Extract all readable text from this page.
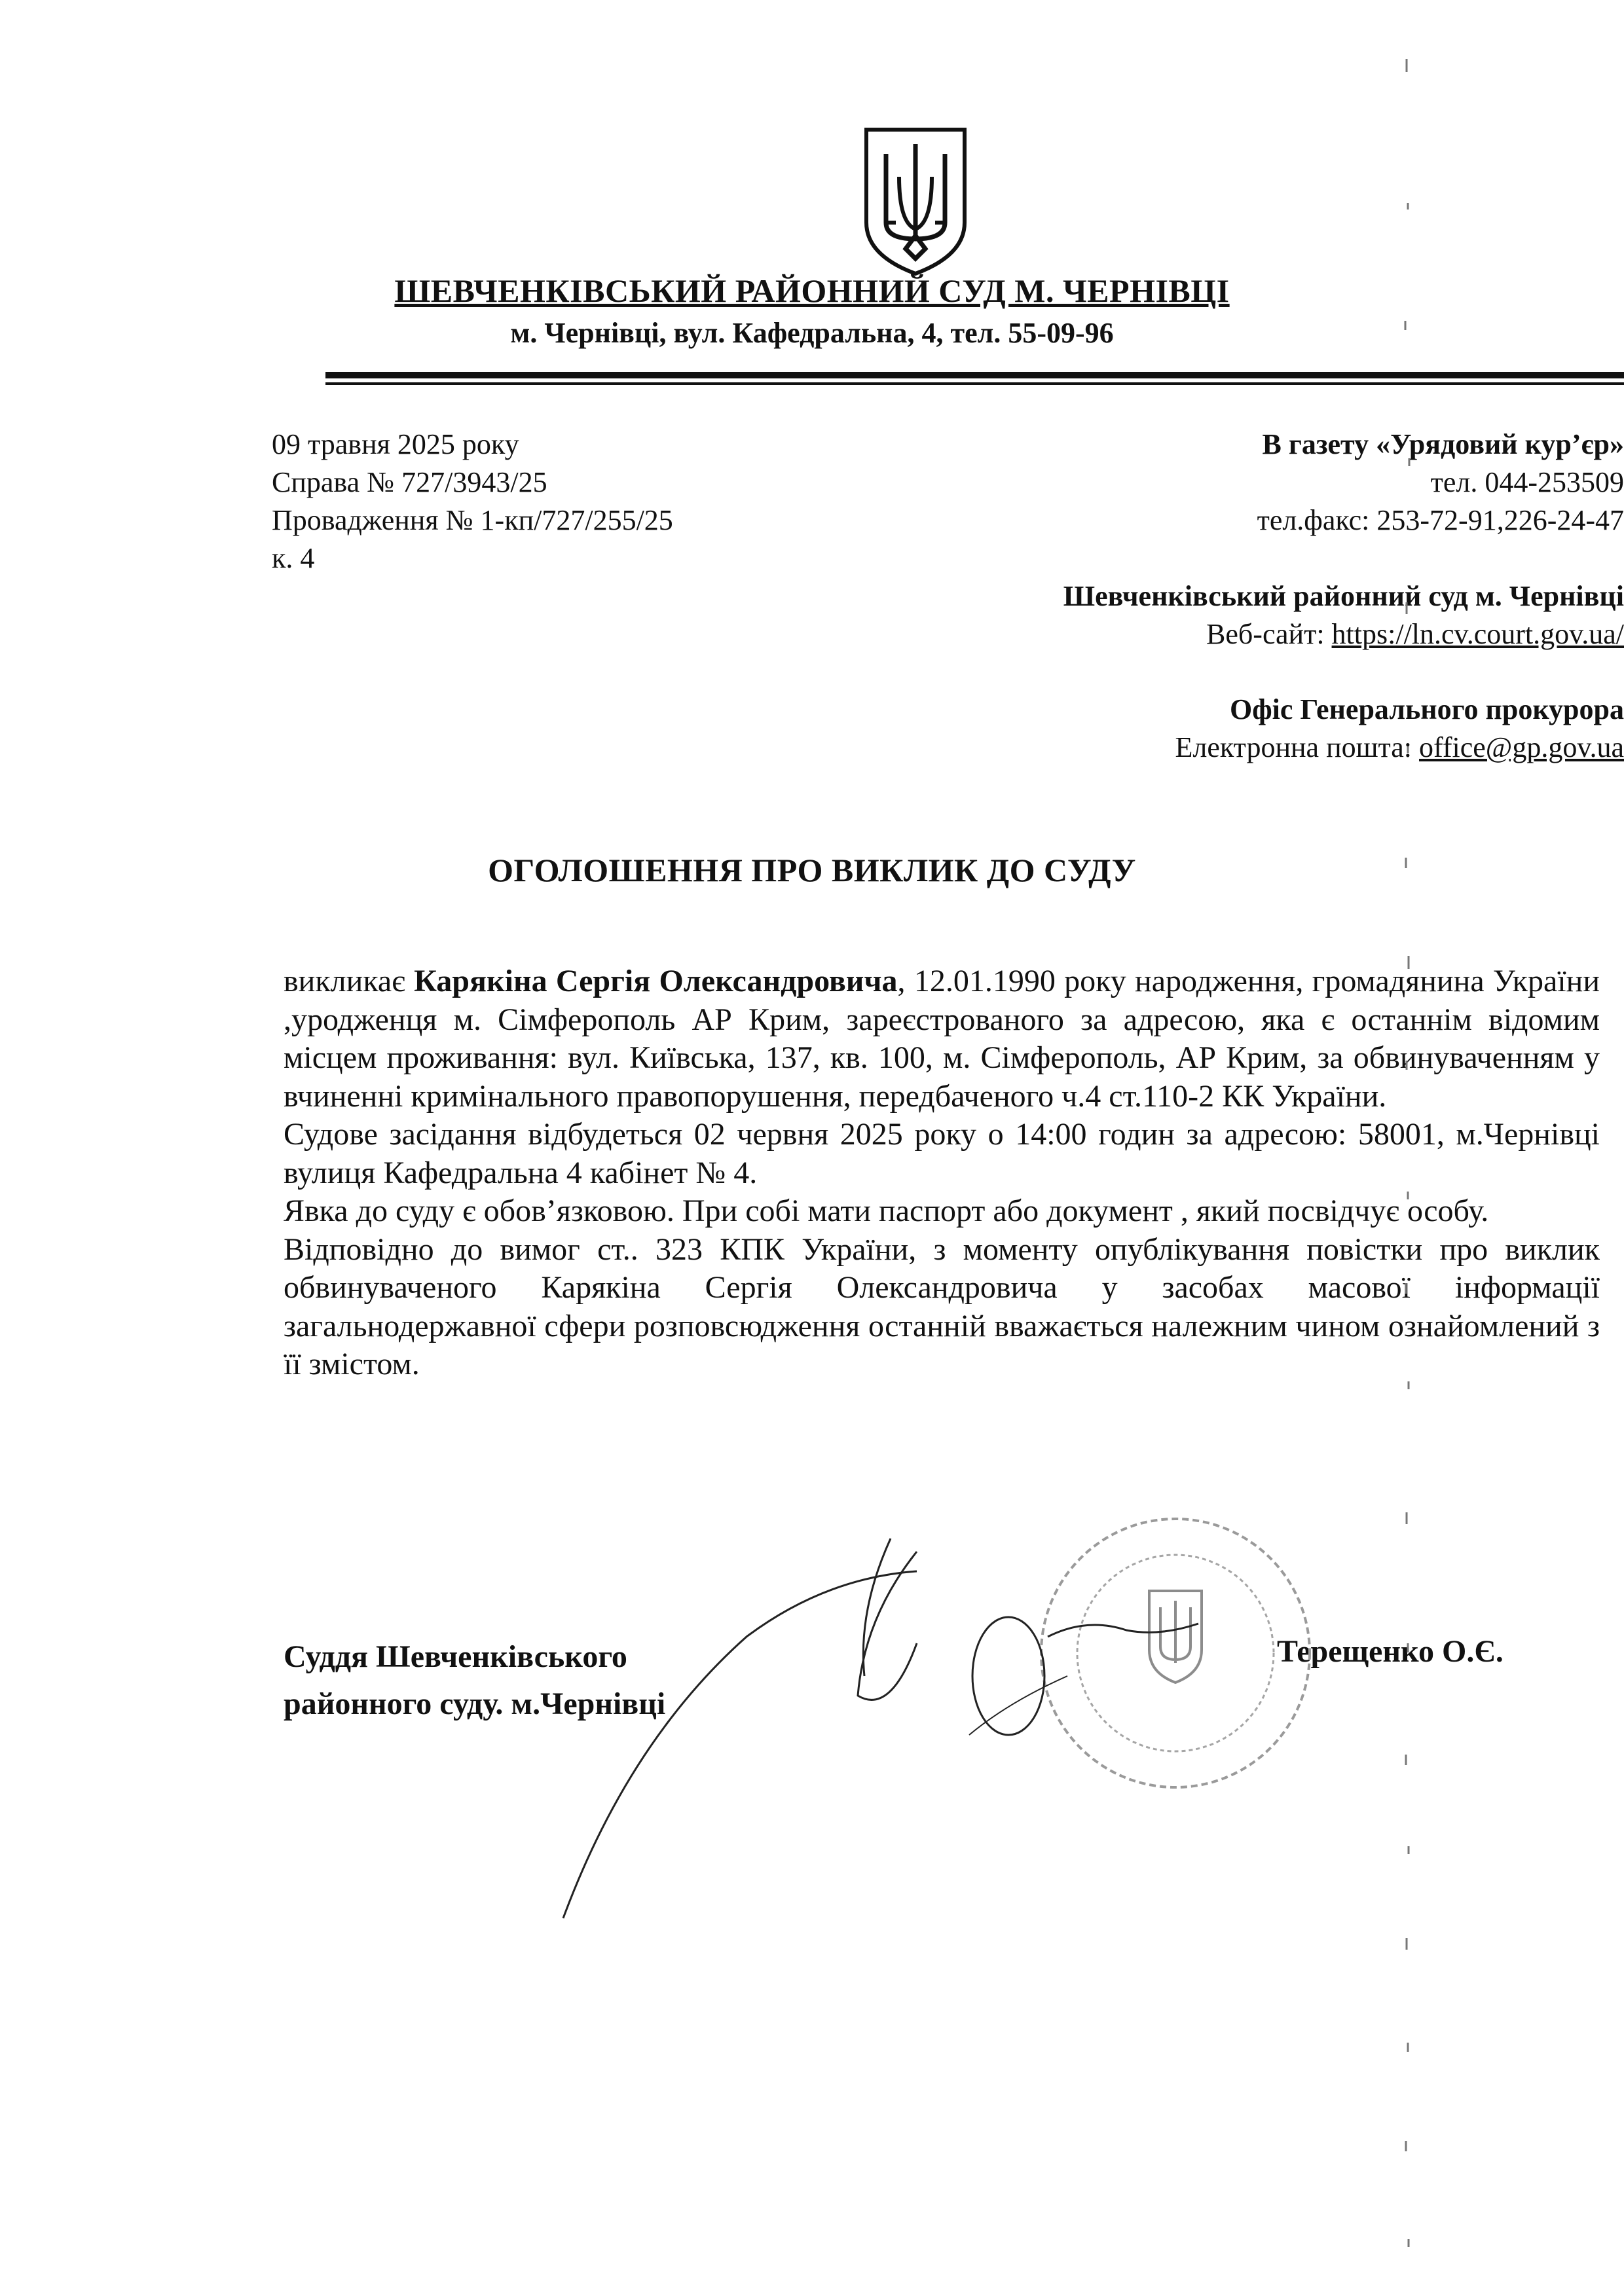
ШЕВЧЕНКІВСЬКИЙ РАЙОННИЙ СУД М. ЧЕРНІВЦІ
м. Чернівці, вул. Кафедральна, 4, тел. 55-09-96
09 травня 2025 року
Справа № 727/3943/25
Провадження № 1-кп/727/255/25
к. 4
В газету «Урядовий кур’єр»
тел. 044-253509
тел.факс: 253-72-91,226-24-47
Шевченківський районний суд м. Чернівці
Веб-сайт: https://ln.cv.court.gov.ua/
Офіс Генерального прокурора
Електронна пошта: office@gp.gov.ua
ОГОЛОШЕННЯ ПРО ВИКЛИК ДО СУДУ

викликає Карякіна Сергія Олександровича, 12.01.1990 року народження, громадянина України ,уродженця м. Сімферополь АР Крим, зареєстрованого за адресою, яка є останнім відомим місцем проживання: вул. Київська, 137, кв. 100, м. Сімферополь, АР Крим, за обвинуваченням у вчиненні кримінального правопорушення, передбаченого ч.4 ст.110-2 КК України.

Судове засідання відбудеться 02 червня 2025 року о 14:00 годин за адресою: 58001, м.Чернівці вулиця Кафедральна 4 кабінет № 4.

Явка до суду є обов’язковою. При собі мати паспорт або документ , який посвідчує особу.

Відповідно до вимог ст.. 323 КПК України, з моменту опублікування повістки про виклик обвинуваченого Карякіна Сергія Олександровича у засобах масової інформації загальнодержавної сфери розповсюдження останній вважається належним чином ознайомлений з її змістом.

Суддя Шевченківського
районного суду. м.Чернівці
Терещенко О.Є.
